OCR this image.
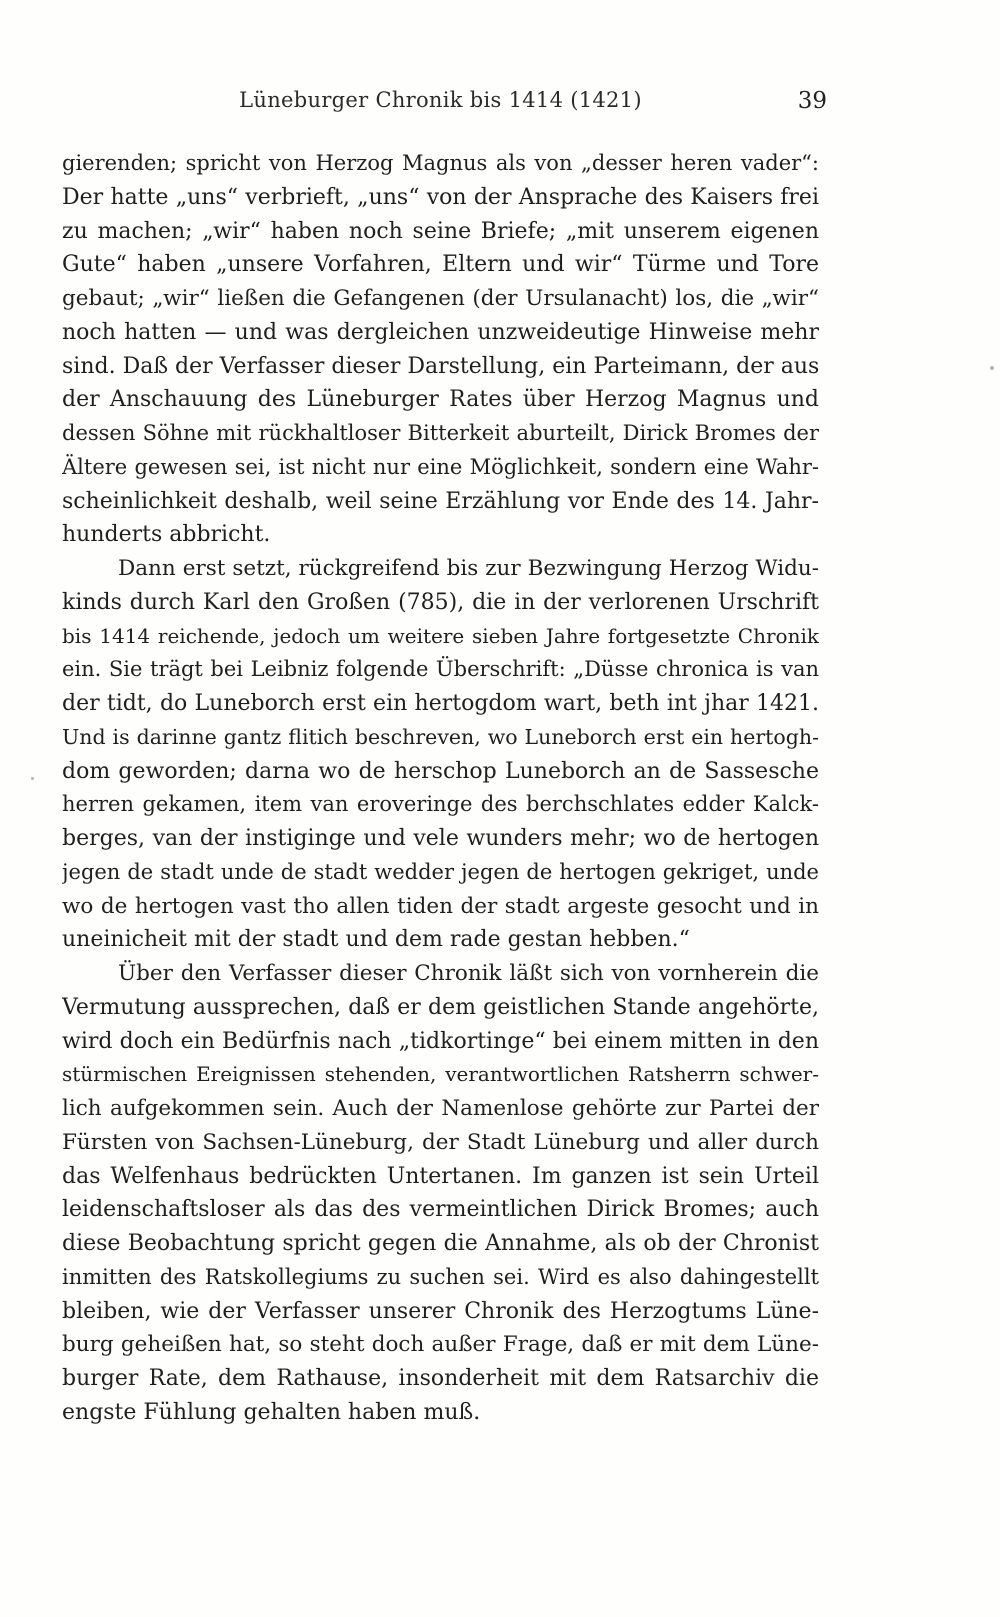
Lüneburger Chronik bis 1414 (1421)	39
gierenden; spricht von Herzog Magnus als von „desser heren vader“:
Der hatte „uns“ verbrieft, „uns“ von der Ansprache des Kaisers frei
zu machen; „wir“ haben noch seine Briefe; „mit unserem eigenen
Gute“ haben „unsere Vorfahren, Eltern und wir“ Türme und Tore
gebaut; „wir“ ließen die Gefangenen (der Ursulanacht) los, die „wir“
noch hatten — und was dergleichen unzweideutige Hinweise mehr
sind. Daß der Verfasser dieser Darstellung, ein Parteimann, der aus
der Anschauung des Lüneburger Rates über Herzog Magnus und
dessen Söhne mit rückhaltloser Bitterkeit aburteilt, Dirick Bromes der
Ältere gewesen sei, ist nicht nur eine Möglichkeit, sondern eine Wahr-
scheinlichkeit deshalb, weil seine Erzählung vor Ende des 14. Jahr-
hunderts abbricht.
Dann erst setzt, rückgreifend bis zur Bezwingung Herzog Widu-
kinds durch Karl den Großen (785), die in der verlorenen Urschrift
bis 1414 reichende, jedoch um weitere sieben Jahre fortgesetzte Chronik
ein. Sie trägt bei Leibniz folgende Überschrift: „Düsse chronica is van
der tidt, do Luneborch erst ein hertogdom wart, beth int jhar 1421.
Und is darinne gantz flitich beschreven, wo Luneborch erst ein hertogh-
dom geworden; darna wo de herschop Luneborch an de Sassesche
herren gekamen, item van eroveringe des berchschlates edder Kalck-
berges, van der instiginge und vele wunders mehr; wo de hertogen
jegen de stadt unde de stadt wedder jegen de hertogen gekriget, unde
wo de hertogen vast tho allen tiden der stadt argeste gesocht und in
uneinicheit mit der stadt und dem rade gestan hebben.“
Über den Verfasser dieser Chronik läßt sich von vornherein die
Vermutung aussprechen, daß er dem geistlichen Stande angehörte,
wird doch ein Bedürfnis nach „tidkortinge“ bei einem mitten in den
stürmischen Ereignissen stehenden, verantwortlichen Ratsherrn schwer-
lich aufgekommen sein. Auch der Namenlose gehörte zur Partei der
Fürsten von Sachsen-Lüneburg, der Stadt Lüneburg und aller durch
das Welfenhaus bedrückten Untertanen. Im ganzen ist sein Urteil
leidenschaftsloser als das des vermeintlichen Dirick Bromes; auch
diese Beobachtung spricht gegen die Annahme, als ob der Chronist
inmitten des Ratskollegiums zu suchen sei. Wird es also dahingestellt
bleiben, wie der Verfasser unserer Chronik des Herzogtums Lüne-
burg geheißen hat, so steht doch außer Frage, daß er mit dem Lüne-
burger Rate, dem Rathause, insonderheit mit dem Ratsarchiv die
engste Fühlung gehalten haben muß.
